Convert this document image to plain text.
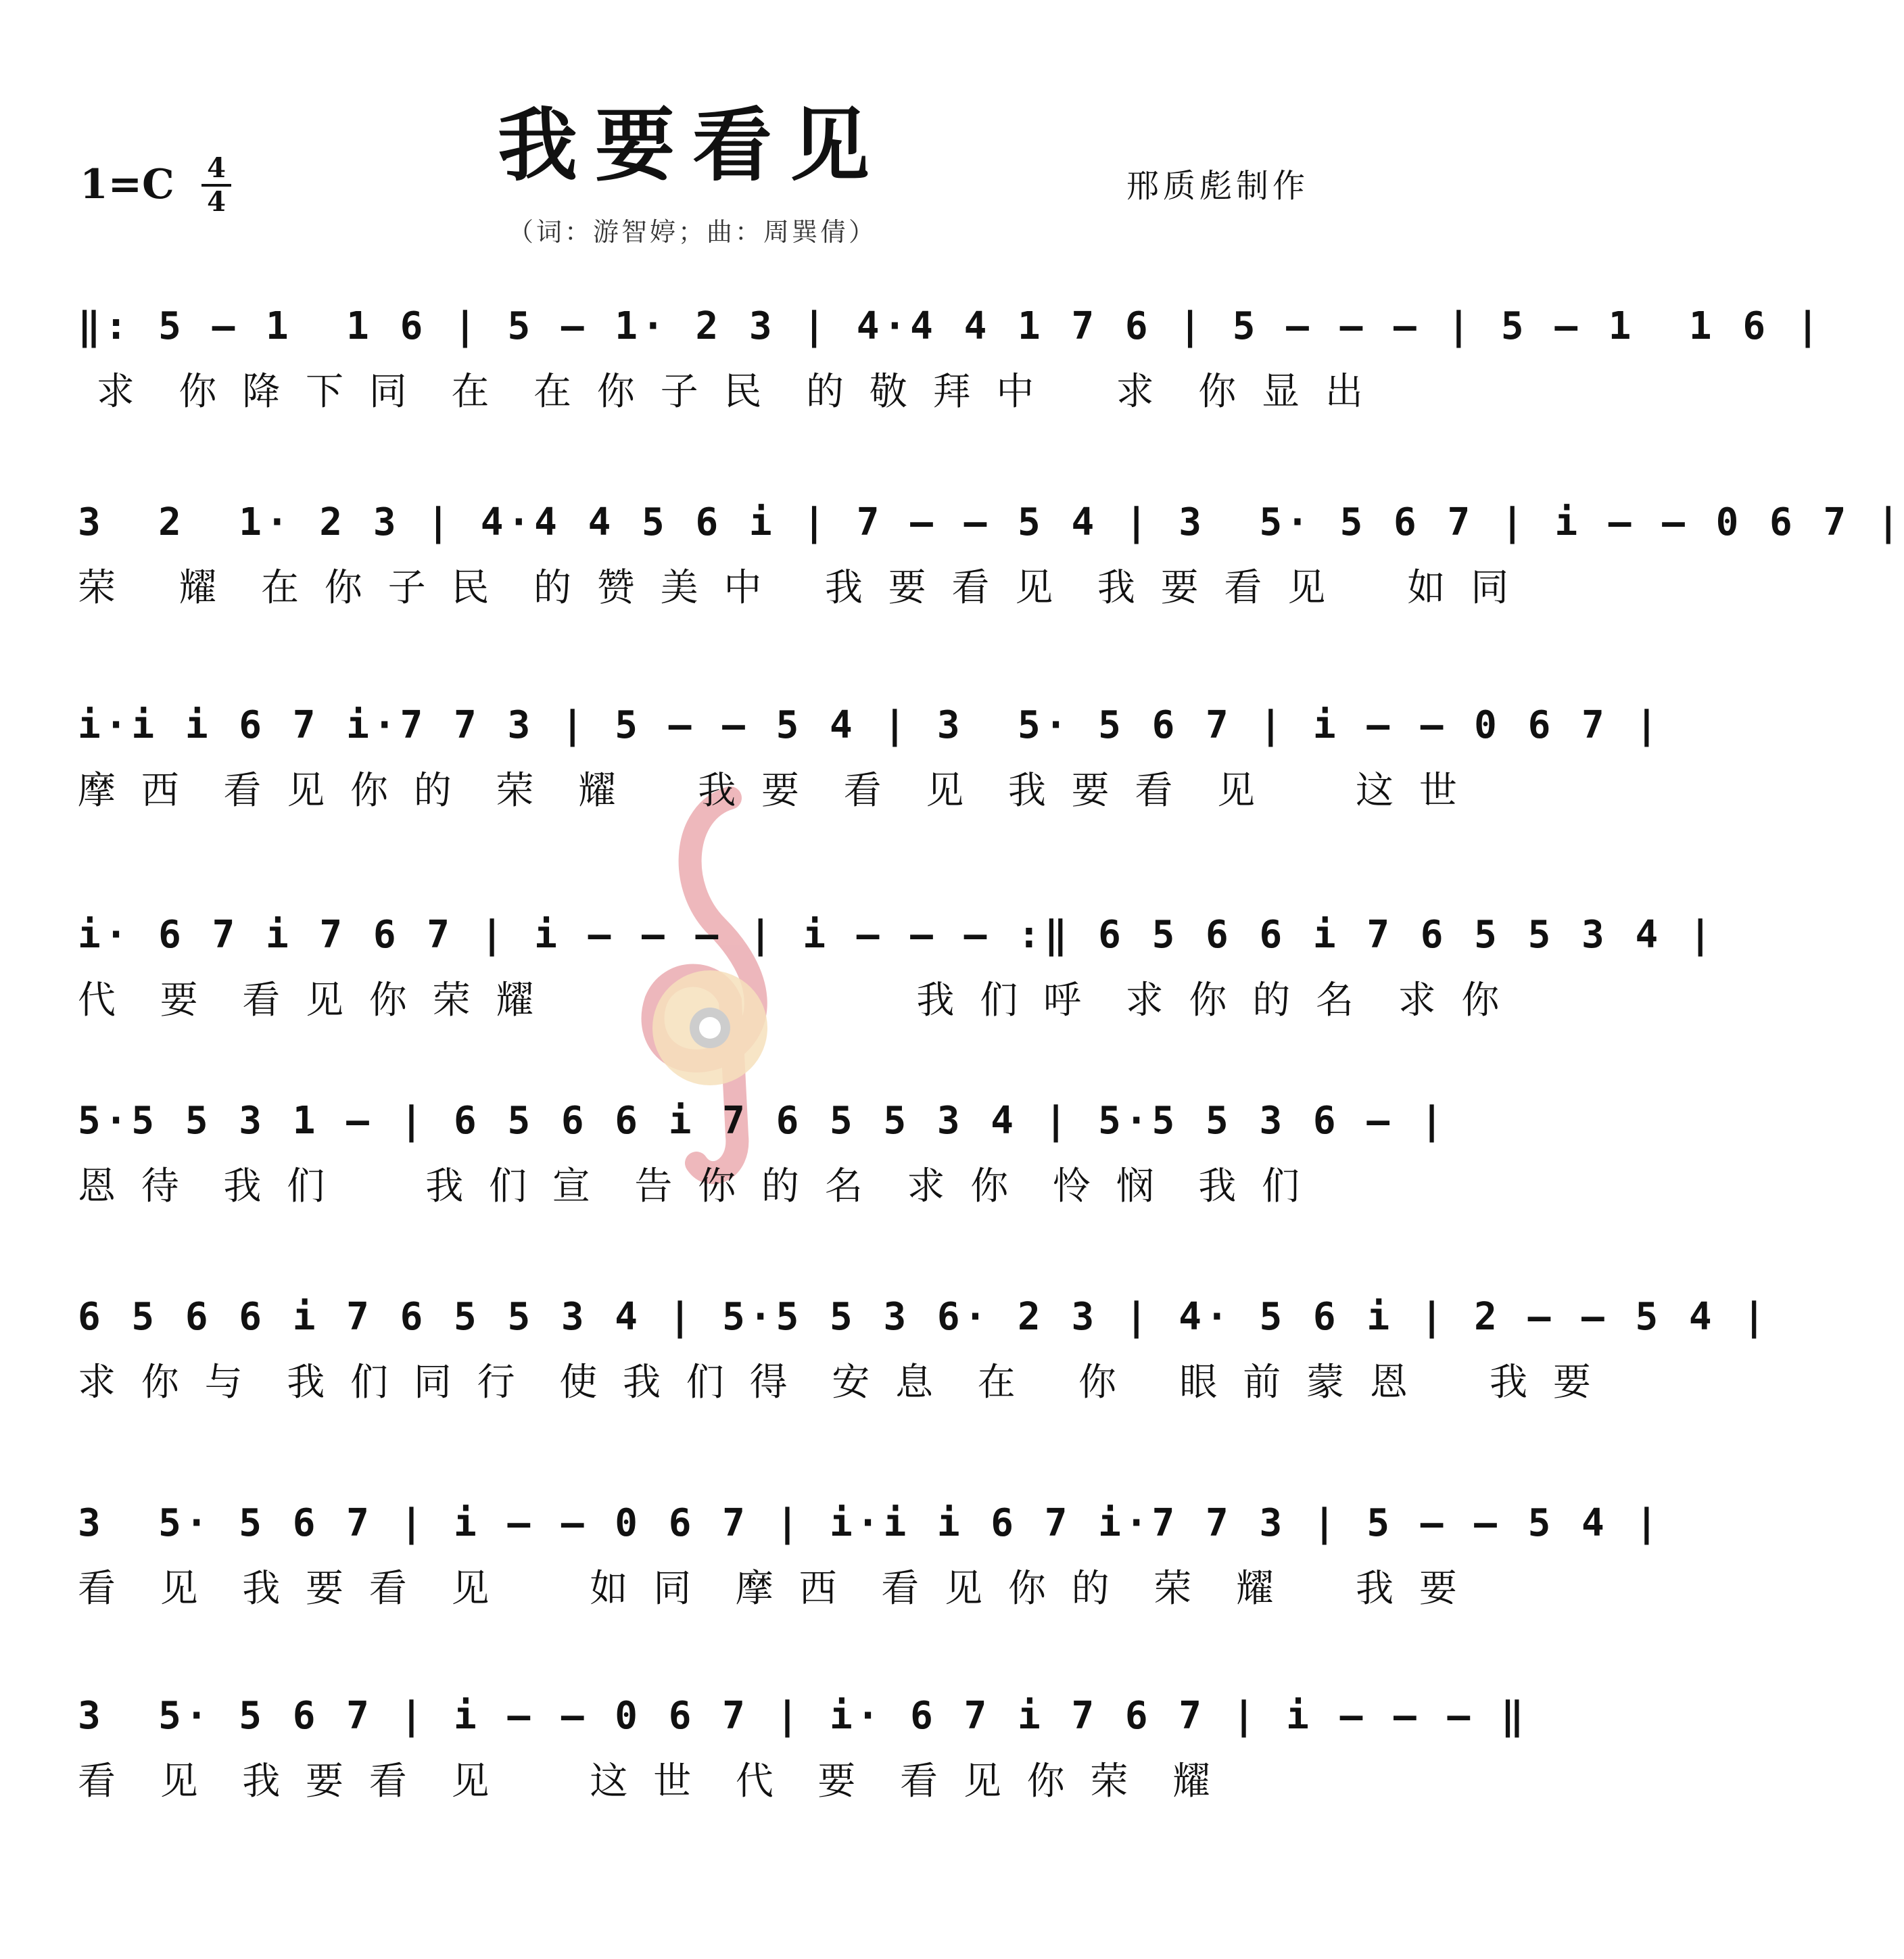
我要看见
1=C 4
4	邢质彪制作
（词：游智婷；曲：周巽倩）
‖: 5 – 1  1 6 | 5 – 1· 2 3 | 4·4 4 1 7 6 | 5 – – – | 5 – 1  1 6 |
求  你 降 下 同  在  在 你 子 民  的 敬 拜 中    求  你 显 出
3  2  1· 2 3 | 4·4 4 5 6 i | 7 – – 5 4 | 3  5· 5 6 7 | i – – 0 6 7 |
荣   耀  在 你 子 民  的 赞 美 中   我 要 看 见  我 要 看 见    如 同
i·i i 6 7 i·7 7 3 | 5 – – 5 4 | 3  5· 5 6 7 | i – – 0 6 7 |
摩 西  看 见 你 的  荣  耀    我 要  看  见  我 要 看  见     这 世
i· 6 7 i 7 6 7 | i – – – | i – – – :‖ 6 5 6 6 i 7 6 5 5 3 4 |
代  要  看 见 你 荣 耀                    我 们 呼  求 你 的 名  求 你
5·5 5 3 1 – | 6 5 6 6 i 7 6 5 5 3 4 | 5·5 5 3 6 – |
恩 待  我 们     我 们 宣  告 你 的 名  求 你  怜 悯  我 们
6 5 6 6 i 7 6 5 5 3 4 | 5·5 5 3 6· 2 3 | 4· 5 6 i | 2 – – 5 4 |
求 你 与  我 们 同 行  使 我 们 得  安 息  在   你   眼 前 蒙 恩    我 要
3  5· 5 6 7 | i – – 0 6 7 | i·i i 6 7 i·7 7 3 | 5 – – 5 4 |
看  见  我 要 看  见     如 同  摩 西  看 见 你 的  荣  耀    我 要
3  5· 5 6 7 | i – – 0 6 7 | i· 6 7 i 7 6 7 | i – – – ‖
看  见  我 要 看  见     这 世  代  要  看 见 你 荣  耀
